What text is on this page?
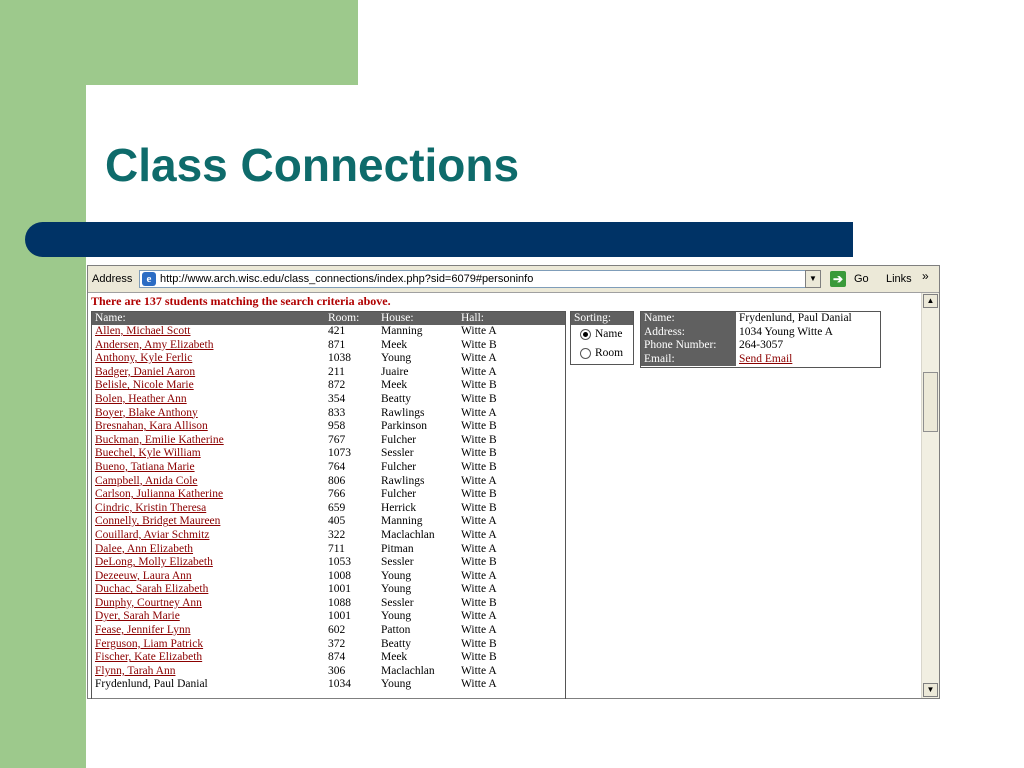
Class Connections
Address	e http://www.arch.wisc.edu/class_connections/index.php?sid=6079#personinfo	▼	➔ Go Links »
There are 137 students matching the search criteria above.
Name:	Room: House:	Hall:
Allen, Michael Scott	421	Manning	Witte A
Andersen, Amy Elizabeth	871	Meek	Witte B
Anthony, Kyle Ferlic	1038	Young	Witte A
Badger, Daniel Aaron	211	Juaire	Witte A
Belisle, Nicole Marie	872	Meek	Witte B
Bolen, Heather Ann	354	Beatty	Witte B
Boyer, Blake Anthony	833	Rawlings	Witte A
Bresnahan, Kara Allison	958	Parkinson	Witte B
Buckman, Emilie Katherine	767	Fulcher	Witte B
Buechel, Kyle William	1073	Sessler	Witte B
Bueno, Tatiana Marie	764	Fulcher	Witte B
Campbell, Anida Cole	806	Rawlings	Witte A
Carlson, Julianna Katherine	766	Fulcher	Witte B
Cindric, Kristin Theresa	659	Herrick	Witte B
Connelly, Bridget Maureen	405	Manning	Witte A
Couillard, Aviar Schmitz	322	Maclachlan Witte A
Dalee, Ann Elizabeth	711	Pitman	Witte A
DeLong, Molly Elizabeth	1053	Sessler	Witte B
Dezeeuw, Laura Ann	1008	Young	Witte A
Duchac, Sarah Elizabeth	1001	Young	Witte A
Dunphy, Courtney Ann	1088	Sessler	Witte B
Dyer, Sarah Marie	1001	Young	Witte A
Fease, Jennifer Lynn	602	Patton	Witte A
Ferguson, Liam Patrick	372	Beatty	Witte B
Fischer, Kate Elizabeth	874	Meek	Witte B
Flynn, Tarah Ann	306	Maclachlan Witte A
Frydenlund, Paul Danial	1034	Young	Witte A
Sorting:
Name
Room
Name:	Frydenlund, Paul Danial
Address:	1034 Young Witte A
Phone Number:	264-3057
Email:	Send Email
▲
▼
